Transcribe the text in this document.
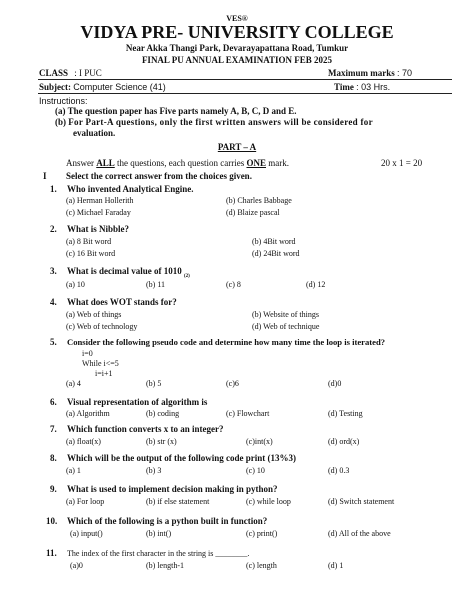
VES®
VIDYA PRE- UNIVERSITY COLLEGE
Near Akka Thangi Park, Devarayapattana Road, Tumkur
FINAL PU ANNUAL EXAMINATION FEB 2025
CLASS : I PUC	Maximum marks : 70
Subject: Computer Science (41)	Time : 03 Hrs.
Instructions:
(a) The question paper has Five parts namely A, B, C, D and E.
(b) For Part-A questions, only the first written answers will be considered for
evaluation.
PART – A
Answer ALL the questions, each question carries ONE mark.	20 x 1 = 20
I Select the correct answer from the choices given.
1. Who invented Analytical Engine.
(a) Herman Hollerith	(b) Charles Babbage
(c) Michael Faraday	(d) Blaize pascal
2. What is Nibble?
(a) 8 Bit word	(b) 4Bit word
(c) 16 Bit word	(d) 24Bit word
3. What is decimal value of 1010 $_{(2)}$
(a) 10	(b) 11	(c) 8	(d) 12
4. What does WOT stands for?
(a) Web of things	(b) Website of things
(c) Web of technology	(d) Web of technique
5. Consider the following pseudo code and determine how many time the loop is iterated?
i=0
While i<=5
i=i+1
(a) 4	(b) 5	(c)6	(d)0
6. Visual representation of algorithm is
(a) Algorithm	(b) coding	(c) Flowchart	(d) Testing
7. Which function converts x to an integer?
(a) float(x)	(b) str (x)	(c)int(x)	(d) ord(x)
8. Which will be the output of the following code print (13%3)
(a) 1	(b) 3	(c) 10	(d) 0.3
9. What is used to implement decision making in python?
(a) For loop	(b) if else statement	(c) while loop	(d) Switch statement
10. Which of the following is a python built in function?
(a) input()	(b) int()	(c) print()	(d) All of the above
11. The index of the first character in the string is ________.
(a)0	(b) length-1	(c) length	(d) 1
